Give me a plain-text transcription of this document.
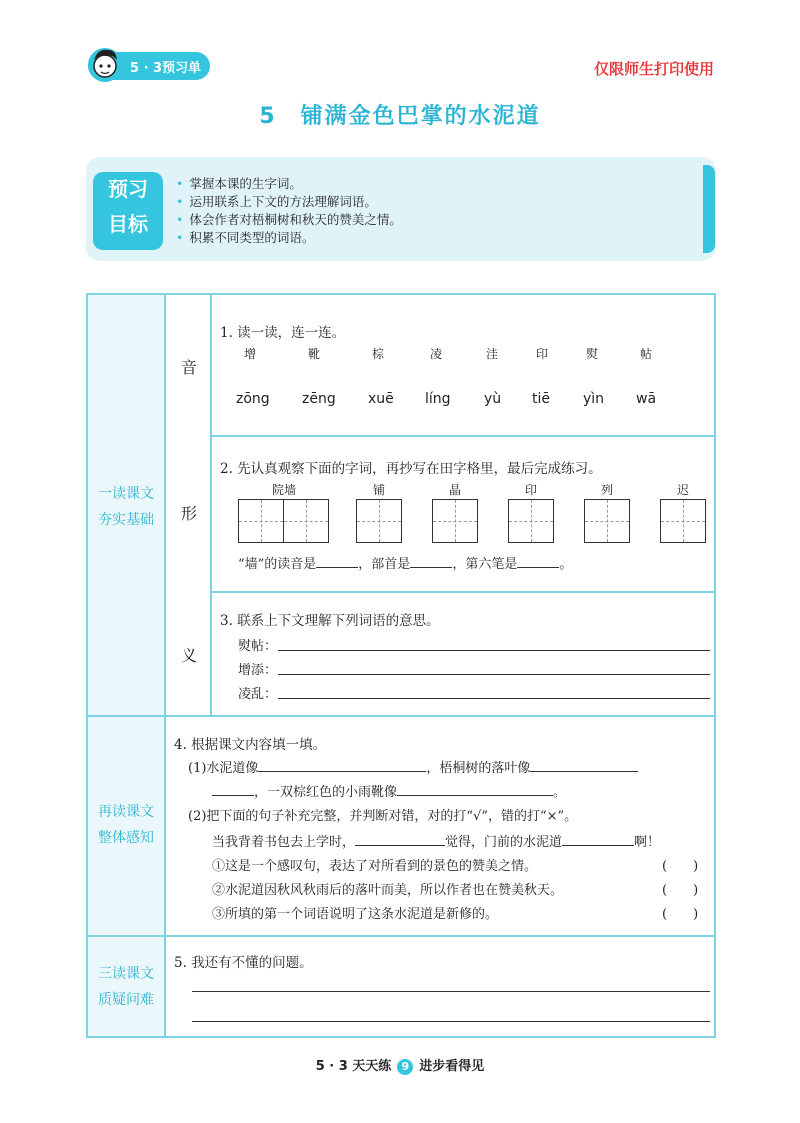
5 · 3预习单	仅限师生打印使用
5　铺满金色巴掌的水泥道
预习
目标
• 掌握本课的生字词。
• 运用联系上下文的方法理解词语。
• 体会作者对梧桐树和秋天的赞美之情。
• 积累不同类型的词语。
一读课文
夯实基础
再读课文
整体感知
三读课文
质疑问难
音
形
义
1. 读一读，连一连。
增	靴	棕	凌	洼	印	熨	帖
zōng zēng xuē líng yù tiē yìn wā
2. 先认真观察下面的字词，再抄写在田字格里，最后完成练习。
院墙	铺	晶	印	列	迟
“墙”的读音是	，部首是	，第六笔是	。
3. 联系上下文理解下列词语的意思。
熨帖：
增添：
凌乱：
4. 根据课文内容填一填。
(1)水泥道像	，梧桐树的落叶像
，一双棕红色的小雨靴像	。
(2)把下面的句子补充完整，并判断对错，对的打“√”，错的打“×”。
当我背着书包去上学时，	觉得，门前的水泥道	啊！
①这是一个感叹句，表达了对所看到的景色的赞美之情。	(　　)
②水泥道因秋风秋雨后的落叶而美，所以作者也在赞美秋天。	(　　)
③所填的第一个词语说明了这条水泥道是新修的。	(　　)
5. 我还有不懂的问题。
5 · 3 天天练 9 进步看得见
